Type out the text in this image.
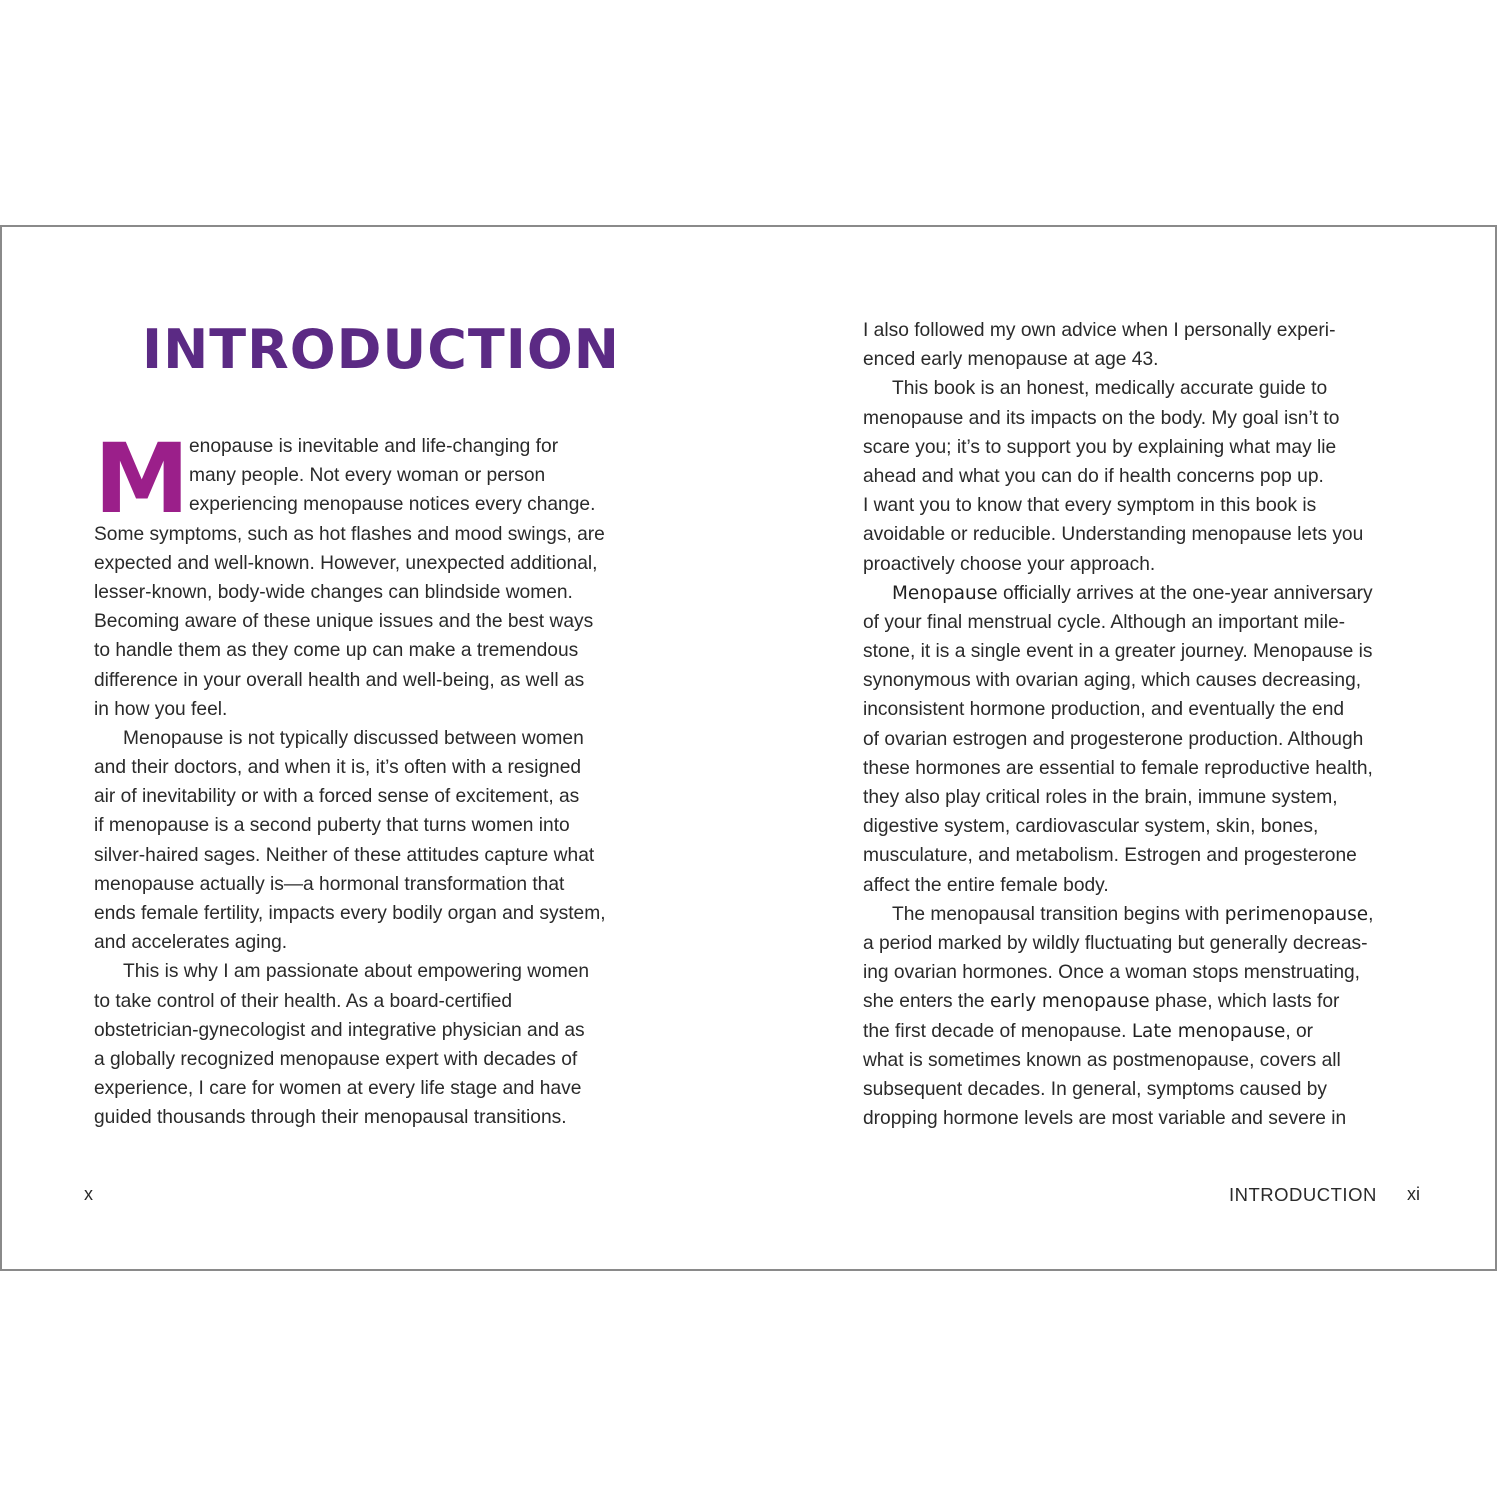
INTRODUCTION
M enopause is inevitable and life-changing for
many people. Not every woman or person
experiencing menopause notices every change.
Some symptoms, such as hot flashes and mood swings, are
expected and well-known. However, unexpected additional,
lesser-known, body-wide changes can blindside women.
Becoming aware of these unique issues and the best ways
to handle them as they come up can make a tremendous
difference in your overall health and well-being, as well as
in how you feel.
Menopause is not typically discussed between women
and their doctors, and when it is, it’s often with a resigned
air of inevitability or with a forced sense of excitement, as
if menopause is a second puberty that turns women into
silver-haired sages. Neither of these attitudes capture what
menopause actually is—a hormonal transformation that
ends female fertility, impacts every bodily organ and system,
and accelerates aging.
This is why I am passionate about empowering women
to take control of their health. As a board-certified
obstetrician-gynecologist and integrative physician and as
a globally recognized menopause expert with decades of
experience, I care for women at every life stage and have
guided thousands through their menopausal transitions.
I also followed my own advice when I personally experi-
enced early menopause at age 43.
This book is an honest, medically accurate guide to
menopause and its impacts on the body. My goal isn’t to
scare you; it’s to support you by explaining what may lie
ahead and what you can do if health concerns pop up.
I want you to know that every symptom in this book is
avoidable or reducible. Understanding menopause lets you
proactively choose your approach.
Menopause officially arrives at the one-year anniversary
of your final menstrual cycle. Although an important mile-
stone, it is a single event in a greater journey. Menopause is
synonymous with ovarian aging, which causes decreasing,
inconsistent hormone production, and eventually the end
of ovarian estrogen and progesterone production. Although
these hormones are essential to female reproductive health,
they also play critical roles in the brain, immune system,
digestive system, cardiovascular system, skin, bones,
musculature, and metabolism. Estrogen and progesterone
affect the entire female body.
The menopausal transition begins with perimenopause,
a period marked by wildly fluctuating but generally decreas-
ing ovarian hormones. Once a woman stops menstruating,
she enters the early menopause phase, which lasts for
the first decade of menopause. Late menopause, or
what is sometimes known as postmenopause, covers all
subsequent decades. In general, symptoms caused by
dropping hormone levels are most variable and severe in
x	INTRODUCTION xi
